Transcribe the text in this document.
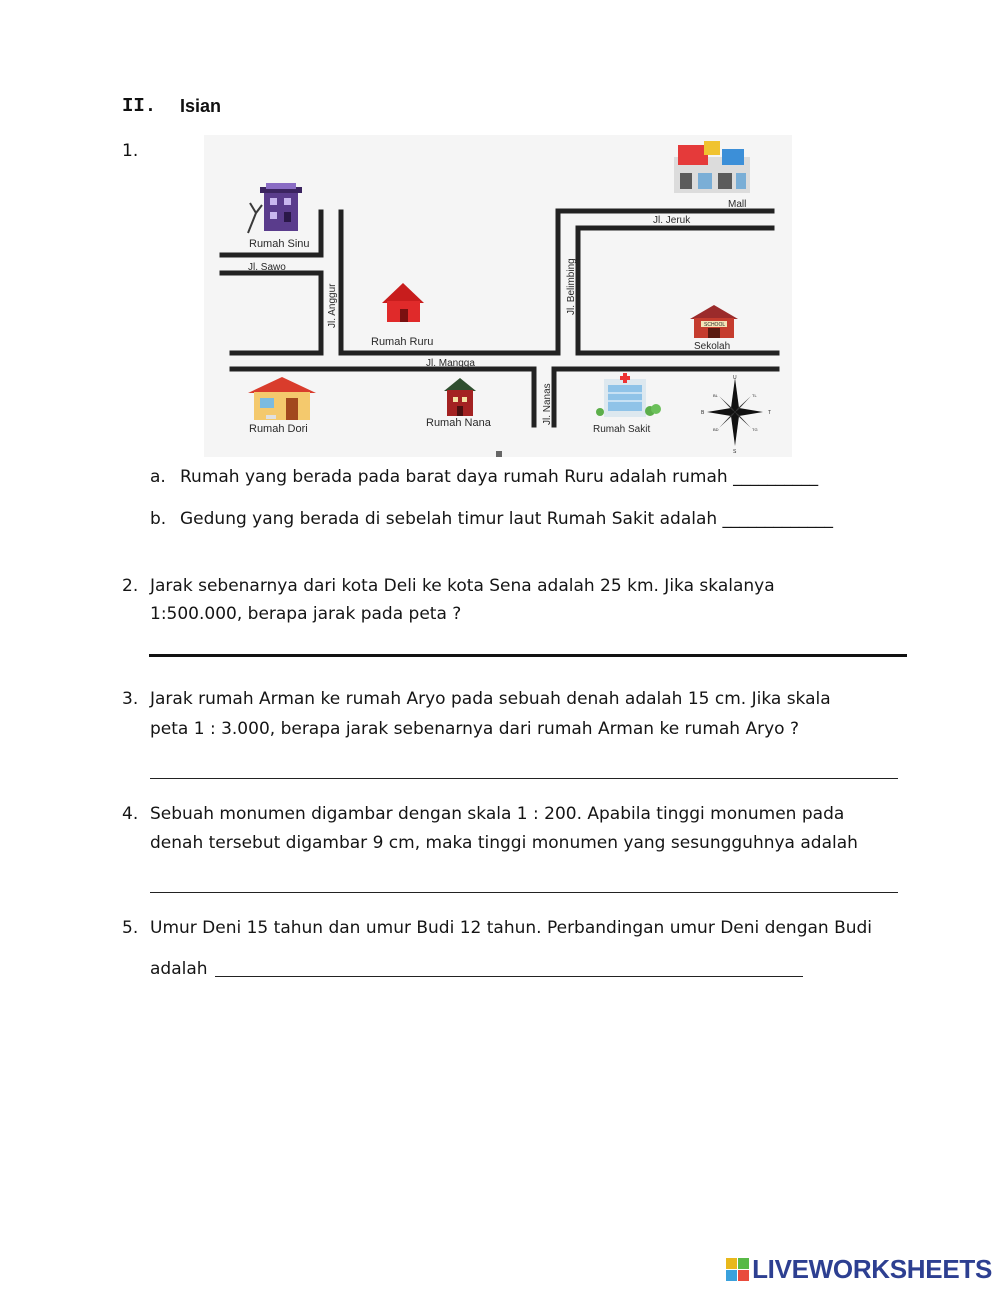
II. Isian
1.
Rumah Sinu
Jl. Sawo
Jl. Anggur
Rumah Ruru
Jl. Mangga
Jl. Belimbing
Mall
Jl. Jeruk
SCHOOL
Sekolah
Rumah Dori	Rumah Nana	Jl. Nanas
Rumah Sakit
U
T
S
B
BL	TL
BD	TG
a. Rumah yang berada pada barat daya rumah Ruru adalah rumah __________
b. Gedung yang berada di sebelah timur laut Rumah Sakit adalah _____________
2. Jarak sebenarnya dari kota Deli ke kota Sena adalah 25 km. Jika skalanya
1:500.000, berapa jarak pada peta ?
3. Jarak rumah Arman ke rumah Aryo pada sebuah denah adalah 15 cm. Jika skala
peta 1 : 3.000, berapa jarak sebenarnya dari rumah Arman ke rumah Aryo ?
4. Sebuah monumen digambar dengan skala 1 : 200. Apabila tinggi monumen pada
denah tersebut digambar 9 cm, maka tinggi monumen yang sesungguhnya adalah
5. Umur Deni 15 tahun dan umur Budi 12 tahun. Perbandingan umur Deni dengan Budi
adalah
LIVEWORKSHEETS
